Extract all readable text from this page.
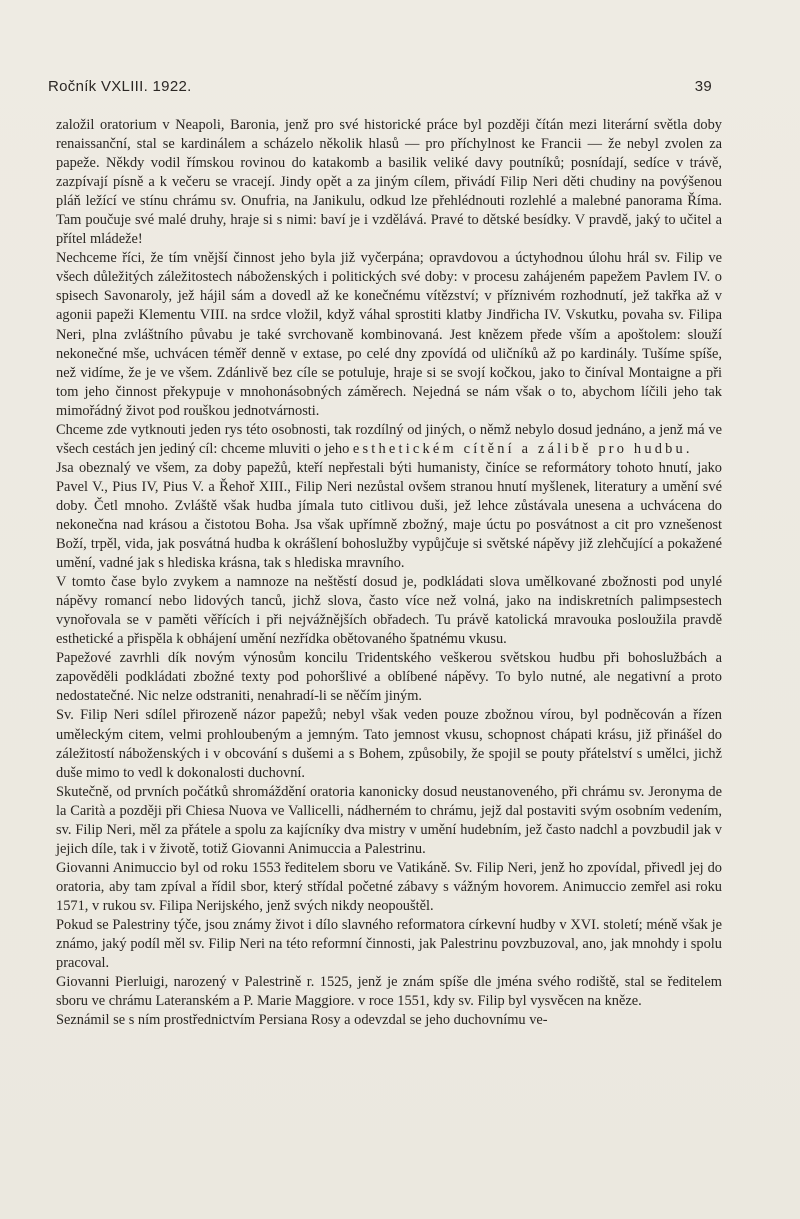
Ročník VXLIII. 1922.	39

založil oratorium v Neapoli, Baronia, jenž pro své historické práce byl později čítán mezi literární světla doby renaissanční, stal se kardinálem a scházelo několik hlasů — pro příchylnost ke Francii — že nebyl zvolen za papeže. Někdy vodil římskou rovinou do katakomb a basilik veliké davy poutníků; posnídají, sedíce v trávě, zazpívají písně a k večeru se vracejí. Jindy opět a za jiným cílem, přivádí Filip Neri děti chudiny na povýšenou pláň ležící ve stínu chrámu sv. Onufria, na Janikulu, odkud lze přehlédnouti rozlehlé a malebné panorama Říma. Tam poučuje své malé druhy, hraje si s nimi: baví je i vzdělává. Pravé to dětské besídky. V pravdě, jaký to učitel a přítel mládeže!

Nechceme říci, že tím vnější činnost jeho byla již vyčerpána; opravdovou a úctyhodnou úlohu hrál sv. Filip ve všech důležitých záležitostech náboženských i politických své doby: v procesu zahájeném papežem Pavlem IV. o spisech Savonaroly, jež hájil sám a dovedl až ke konečnému vítězství; v příznivém rozhodnutí, jež takřka až v agonii papeži Klementu VIII. na srdce vložil, když váhal sprostiti klatby Jindřicha IV. Vskutku, povaha sv. Filipa Neri, plna zvláštního půvabu je také svrchovaně kombinovaná. Jest knězem přede vším a apoštolem: slouží nekonečné mše, uchvácen téměř denně v extase, po celé dny zpovídá od uličníků až po kardinály. Tušíme spíše, než vidíme, že je ve všem. Zdánlivě bez cíle se potuluje, hraje si se svojí kočkou, jako to činíval Montaigne a při tom jeho činnost překypuje v mnohonásobných záměrech. Nejedná se nám však o to, abychom líčili jeho tak mimořádný život pod rouškou jednotvárnosti.

Chceme zde vytknouti jeden rys této osobnosti, tak rozdílný od jiných, o němž nebylo dosud jednáno, a jenž má ve všech cestách jen jediný cíl: chceme mluviti o jeho esthetickém cítění a zálibě pro hudbu.

Jsa obeznalý ve všem, za doby papežů, kteří nepřestali býti humanisty, činíce se reformátory tohoto hnutí, jako Pavel V., Pius IV, Pius V. a Řehoř XIII., Filip Neri nezůstal ovšem stranou hnutí myšlenek, literatury a umění své doby. Četl mnoho. Zvláště však hudba jímala tuto citlivou duši, jež lehce zůstávala unesena a uchvácena do nekonečna nad krásou a čistotou Boha. Jsa však upřímně zbožný, maje úctu po posvátnost a cit pro vznešenost Boží, trpěl, vida, jak posvátná hudba k okrášlení bohoslužby vypůjčuje si světské nápěvy již zlehčující a pokažené umění, vadné jak s hlediska krásna, tak s hlediska mravního.

V tomto čase bylo zvykem a namnoze na neštěstí dosud je, podkládati slova umělkované zbožnosti pod unylé nápěvy romancí nebo lidových tanců, jichž slova, často více než volná, jako na indiskretních palimpsestech vynořovala se v paměti věřících i při nejvážnějších obřadech. Tu právě katolická mravouka posloužila pravdě esthetické a přispěla k obhájení umění nezřídka obětovaného špatnému vkusu.

Papežové zavrhli dík novým výnosům koncilu Tridentského veškerou světskou hudbu při bohoslužbách a zapověděli podkládati zbožné texty pod pohoršlivé a oblíbené nápěvy. To bylo nutné, ale negativní a proto nedostatečné. Nic nelze odstraniti, nenahradí-li se něčím jiným.

Sv. Filip Neri sdílel přirozeně názor papežů; nebyl však veden pouze zbožnou vírou, byl podněcován a řízen uměleckým citem, velmi prohloubeným a jemným. Tato jemnost vkusu, schopnost chápati krásu, již přinášel do záležitostí náboženských i v obcování s dušemi a s Bohem, způsobily, že spojil se pouty přátelství s umělci, jichž duše mimo to vedl k dokonalosti duchovní.

Skutečně, od prvních počátků shromáždění oratoria kanonicky dosud neustanoveného, při chrámu sv. Jeronyma de la Carità a později při Chiesa Nuova ve Vallicelli, nádherném to chrámu, jejž dal postaviti svým osobním vedením, sv. Filip Neri, měl za přátele a spolu za kajícníky dva mistry v umění hudebním, jež často nadchl a povzbudil jak v jejich díle, tak i v životě, totiž Giovanni Animuccia a Palestrinu.

Giovanni Animuccio byl od roku 1553 ředitelem sboru ve Vatikáně. Sv. Filip Neri, jenž ho zpovídal, přivedl jej do oratoria, aby tam zpíval a řídil sbor, který střídal početné zábavy s vážným hovorem. Animuccio zemřel asi roku 1571, v rukou sv. Filipa Nerijského, jenž svých nikdy neopouštěl.

Pokud se Palestriny týče, jsou známy život i dílo slavného reformatora církevní hudby v XVI. století; méně však je známo, jaký podíl měl sv. Filip Neri na této reformní činnosti, jak Palestrinu povzbuzoval, ano, jak mnohdy i spolu pracoval.

Giovanni Pierluigi, narozený v Palestrině r. 1525, jenž je znám spíše dle jména svého rodiště, stal se ředitelem sboru ve chrámu Lateranském a P. Marie Maggiore. v roce 1551, kdy sv. Filip byl vysvěcen na kněze.

Seznámil se s ním prostřednictvím Persiana Rosy a odevzdal se jeho duchovnímu ve-
